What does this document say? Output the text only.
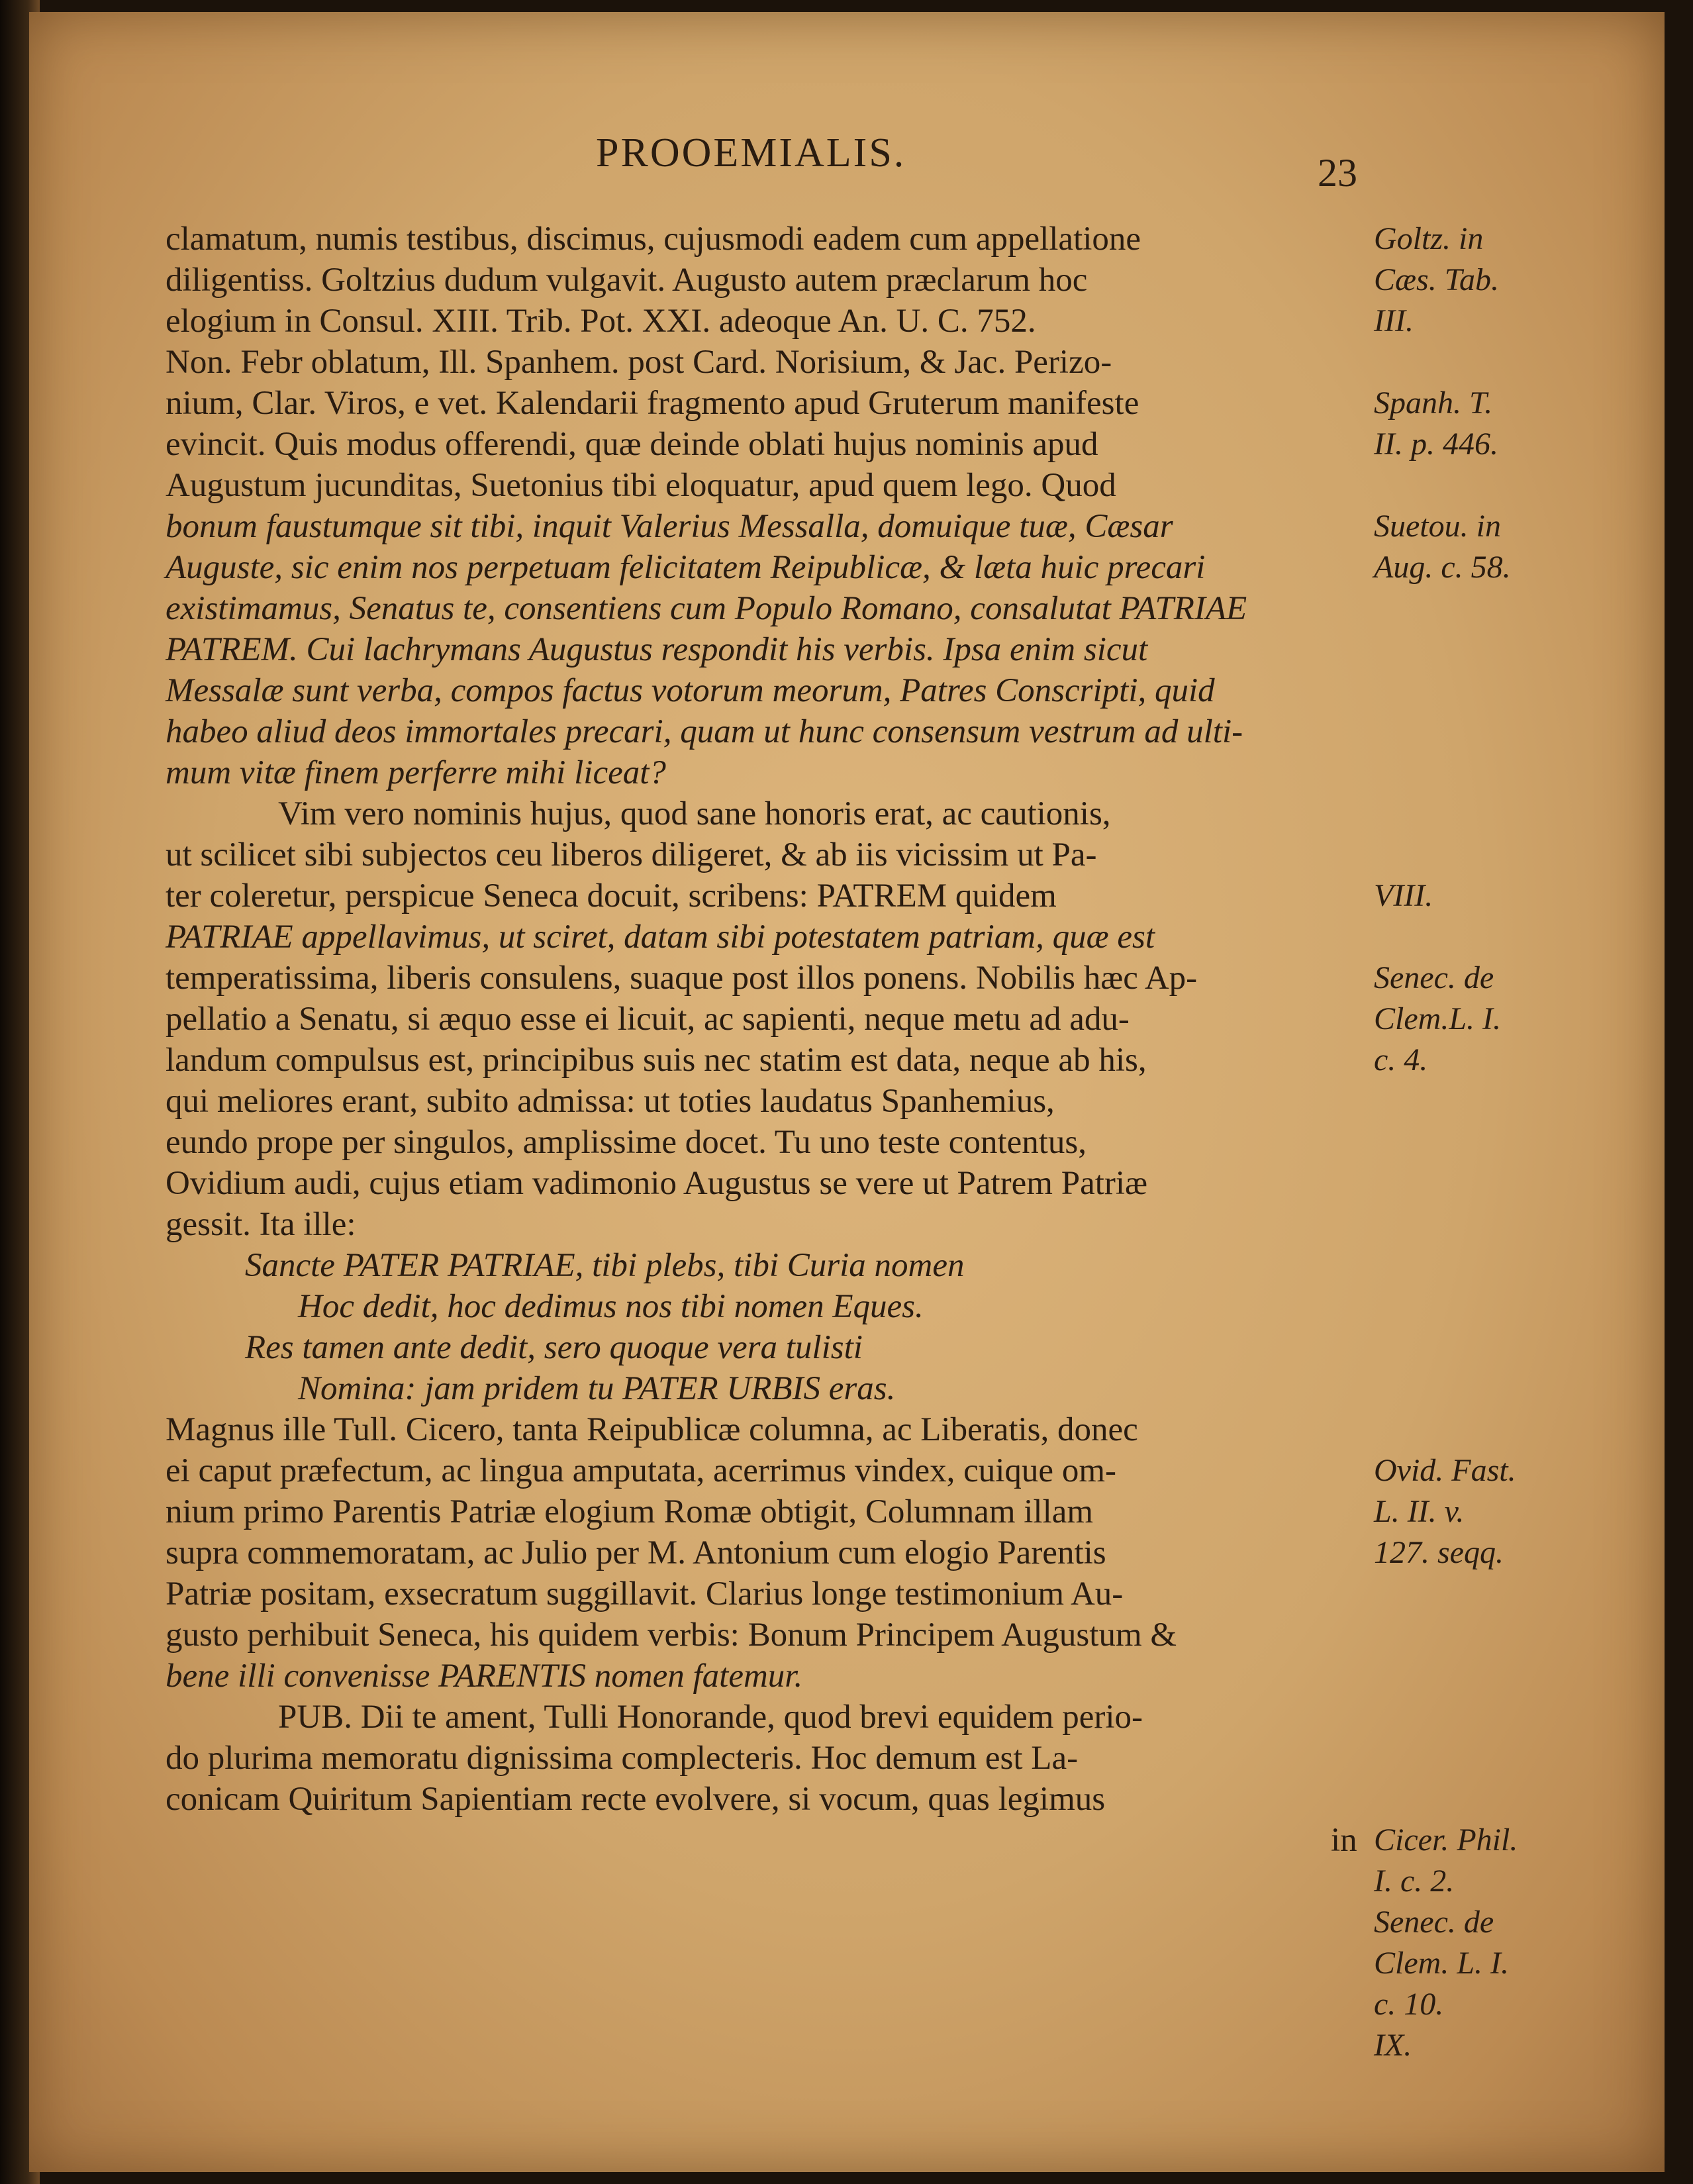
PROOEMIALIS.	23
clamatum, numis testibus, discimus, cujusmodi eadem cum appellatione
diligentiss. Goltzius dudum vulgavit. Augusto autem præclarum hoc
elogium in Consul. XIII. Trib. Pot. XXI. adeoque An. U. C. 752.
Non. Febr oblatum, Ill. Spanhem. post Card. Norisium, & Jac. Perizo-
nium, Clar. Viros, e vet. Kalendarii fragmento apud Gruterum manifeste
evincit. Quis modus offerendi, quæ deinde oblati hujus nominis apud
Augustum jucunditas, Suetonius tibi eloquatur, apud quem lego. Quod
bonum faustumque sit tibi, inquit Valerius Messalla, domuique tuæ, Cæsar
Auguste, sic enim nos perpetuam felicitatem Reipublicæ, & læta huic precari
existimamus, Senatus te, consentiens cum Populo Romano, consalutat PATRIAE
PATREM. Cui lachrymans Augustus respondit his verbis. Ipsa enim sicut
Messalæ sunt verba, compos factus votorum meorum, Patres Conscripti, quid
habeo aliud deos immortales precari, quam ut hunc consensum vestrum ad ulti-
mum vitæ finem perferre mihi liceat?
Vim vero nominis hujus, quod sane honoris erat, ac cautionis,
ut scilicet sibi subjectos ceu liberos diligeret, & ab iis vicissim ut Pa-
ter coleretur, perspicue Seneca docuit, scribens: PATREM quidem
PATRIAE appellavimus, ut sciret, datam sibi potestatem patriam, quæ est
temperatissima, liberis consulens, suaque post illos ponens. Nobilis hæc Ap-
pellatio a Senatu, si æquo esse ei licuit, ac sapienti, neque metu ad adu-
landum compulsus est, principibus suis nec statim est data, neque ab his,
qui meliores erant, subito admissa: ut toties laudatus Spanhemius,
eundo prope per singulos, amplissime docet. Tu uno teste contentus,
Ovidium audi, cujus etiam vadimonio Augustus se vere ut Patrem Patriæ
gessit. Ita ille:
Sancte PATER PATRIAE, tibi plebs, tibi Curia nomen
Hoc dedit, hoc dedimus nos tibi nomen Eques.
Res tamen ante dedit, sero quoque vera tulisti
Nomina: jam pridem tu PATER URBIS eras.
Magnus ille Tull. Cicero, tanta Reipublicæ columna, ac Liberatis, donec
ei caput præfectum, ac lingua amputata, acerrimus vindex, cuique om-
nium primo Parentis Patriæ elogium Romæ obtigit, Columnam illam
supra commemoratam, ac Julio per M. Antonium cum elogio Parentis
Patriæ positam, exsecratum suggillavit. Clarius longe testimonium Au-
gusto perhibuit Seneca, his quidem verbis: Bonum Principem Augustum &
bene illi convenisse PARENTIS nomen fatemur.
PUB. Dii te ament, Tulli Honorande, quod brevi equidem perio-
do plurima memoratu dignissima complecteris. Hoc demum est La-
conicam Quiritum Sapientiam recte evolvere, si vocum, quas legimus
in
Goltz. in
Cæs. Tab.
III.

Spanh. T.
II. p. 446.

Suetou. in
Aug. c. 58.

VIII.

Senec. de
Clem.L. I.
c. 4.

Ovid. Fast.
L. II. v.
127. seqq.

Cicer. Phil.
I. c. 2.
Senec. de
Clem. L. I.
c. 10.
IX.
